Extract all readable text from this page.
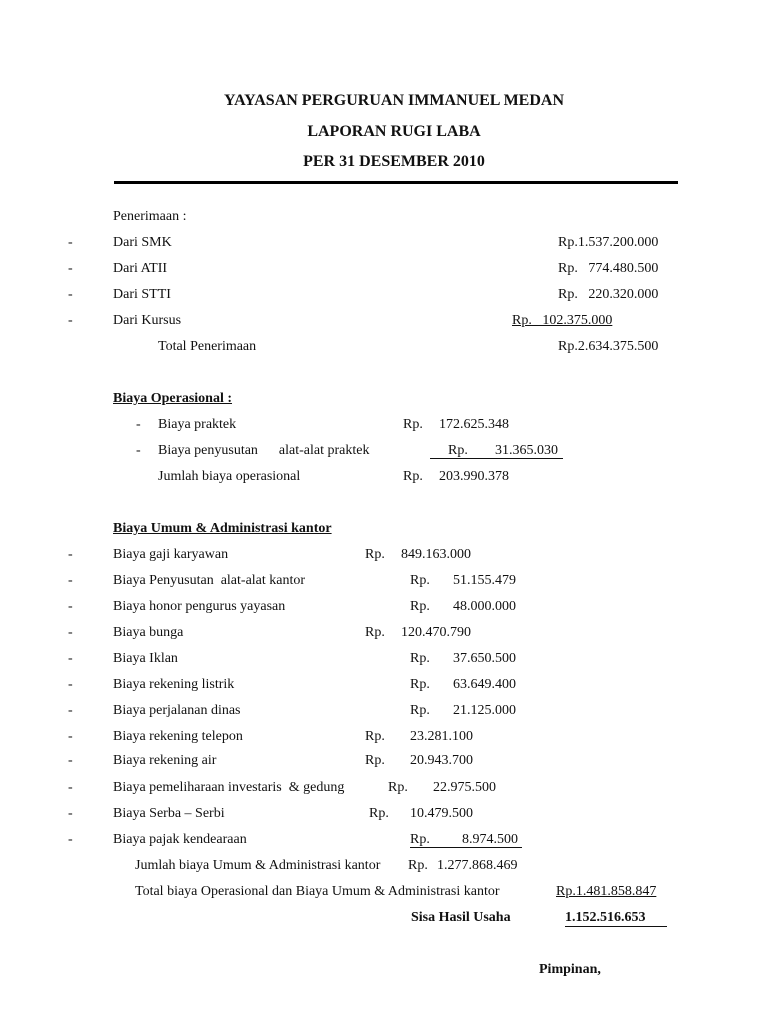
YAYASAN PERGURUAN IMMANUEL MEDAN
LAPORAN RUGI LABA
PER 31 DESEMBER 2010
Penerimaan :
-	Dari SMK	Rp.1.537.200.000
-	Dari ATII	Rp.   774.480.500
-	Dari STTI	Rp.   220.320.000
-	Dari Kursus	Rp.   102.375.000
Total Penerimaan	Rp.2.634.375.500
Biaya Operasional :
- Biaya praktek	Rp. 172.625.348
- Biaya penyusutan      alat-alat praktek	Rp. 31.365.030
Jumlah biaya operasional	Rp. 203.990.378
Biaya Umum & Administrasi kantor
-	Biaya gaji karyawan	Rp. 849.163.000
-	Biaya Penyusutan  alat-alat kantor	Rp. 51.155.479
-	Biaya honor pengurus yayasan	Rp. 48.000.000
-	Biaya bunga	Rp. 120.470.790
-	Biaya Iklan	Rp. 37.650.500
-	Biaya rekening listrik	Rp. 63.649.400
-	Biaya perjalanan dinas	Rp. 21.125.000
-	Biaya rekening telepon	Rp. 23.281.100
-	Biaya rekening air	Rp. 20.943.700
-	Biaya pemeliharaan investaris  & gedung	Rp. 22.975.500
-	Biaya Serba – Serbi	Rp. 10.479.500
-	Biaya pajak kendearaan	Rp. 8.974.500
Jumlah biaya Umum & Administrasi kantor Rp. 1.277.868.469
Total biaya Operasional dan Biaya Umum & Administrasi kantor	Rp.1.481.858.847
Sisa Hasil Usaha	1.152.516.653
Pimpinan,
